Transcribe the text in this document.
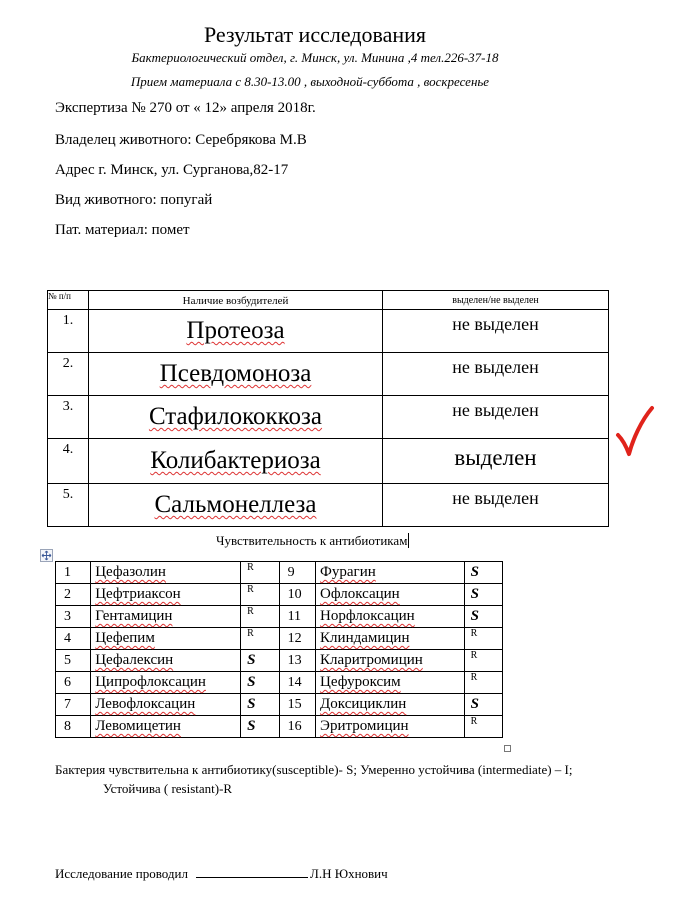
Результат исследования
Бактериологический отдел, г. Минск, ул. Минина ,4 тел.226-37-18
Прием материала с 8.30-13.00 , выходной-суббота , воскресенье
Экспертиза № 270 от « 12» апреля 2018г.
Владелец животного: Серебрякова М.В
Адрес г. Минск, ул. Сурганова,82-17
Вид животного: попугай
Пат. материал: помет
№ п/п	Наличие возбудителей	выделен/не выделен
1.	Протеоза	не выделен
2.	Псевдомоноза	не выделен
3.	Стафилококкоза	не выделен
4.	Колибактериоза	выделен
5.	Сальмонеллеза	не выделен
Чувствительность к антибиотикам
1	Цефазолин	R	9	Фурагин	S
2	Цефтриаксон	R	10	Офлоксацин	S
3	Гентамицин	R	11	Норфлоксацин	S
4	Цефепим	R	12	Клиндамицин	R
5	Цефалексин	S	13	Кларитромицин	R
6	Ципрофлоксацин	S	14	Цефуроксим	R
7	Левофлоксацин	S	15	Доксициклин	S
8	Левомицетин	S	16	Эритромицин	R
Бактерия чувствительна к антибиотику(susceptible)- S; Умеренно устойчива (intermediate) – I;
Устойчива ( resistant)-R
Исследование проводил	Л.Н Юхнович
